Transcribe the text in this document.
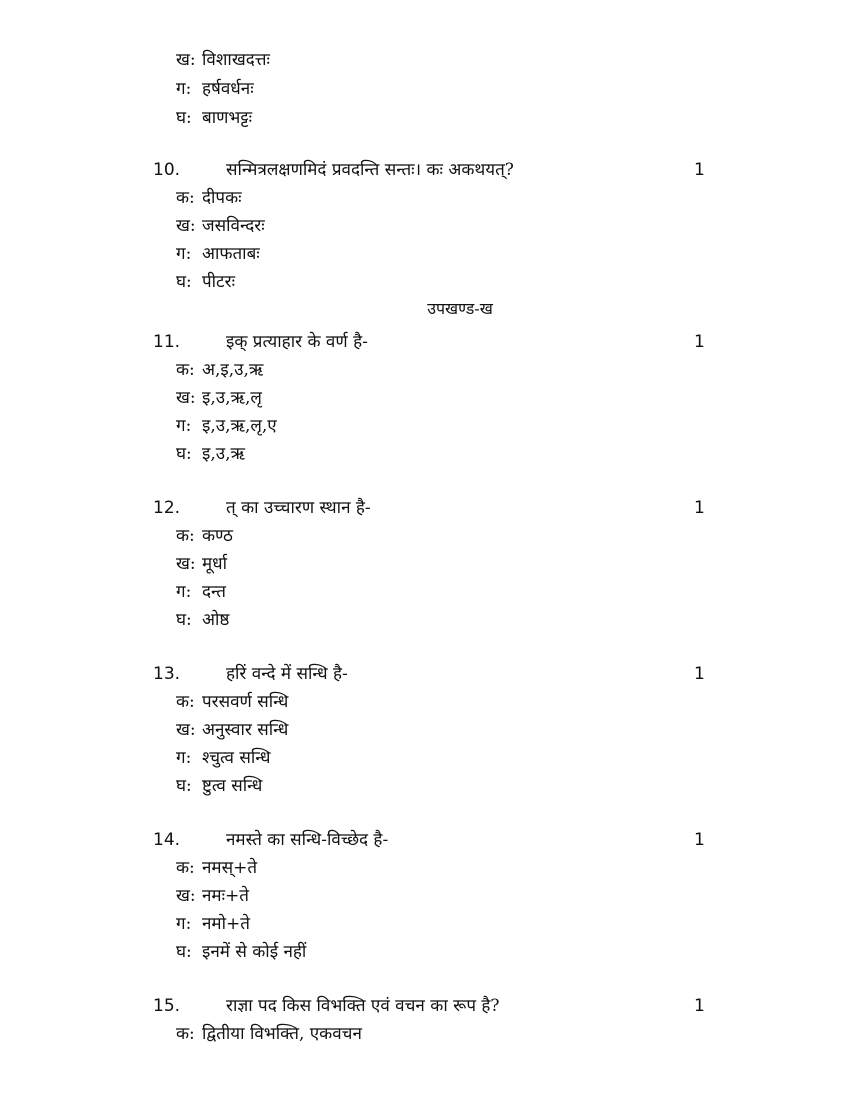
ख: विशाखदत्तः
ग: हर्षवर्धनः
घ: बाणभट्टः
10.	सन्मित्रलक्षणमिदं प्रवदन्ति सन्तः। कः अकथयत्?	1
क: दीपकः
ख: जसविन्दरः
ग: आफताबः
घ: पीटरः
उपखण्ड-ख
11.	इक् प्रत्याहार के वर्ण है-	1
क: अ,इ,उ,ऋ
ख: इ,उ,ऋ,लृ
ग: इ,उ,ऋ,लृ,ए
घ: इ,उ,ऋ
12.	त् का उच्चारण स्थान है-	1
क: कण्ठ
ख: मूर्धा
ग: दन्त
घ: ओष्ठ
13.	हरिं वन्दे में सन्धि है-	1
क: परसवर्ण सन्धि
ख: अनुस्वार सन्धि
ग: श्चुत्व सन्धि
घ: ष्टुत्व सन्धि
14.	नमस्ते का सन्धि-विच्छेद है-	1
क: नमस्+ते
ख: नमः+ते
ग: नमो+ते
घ: इनमें से कोई नहीं
15.	राज्ञा पद किस विभक्ति एवं वचन का रूप है?	1
क: द्वितीया विभक्ति, एकवचन
